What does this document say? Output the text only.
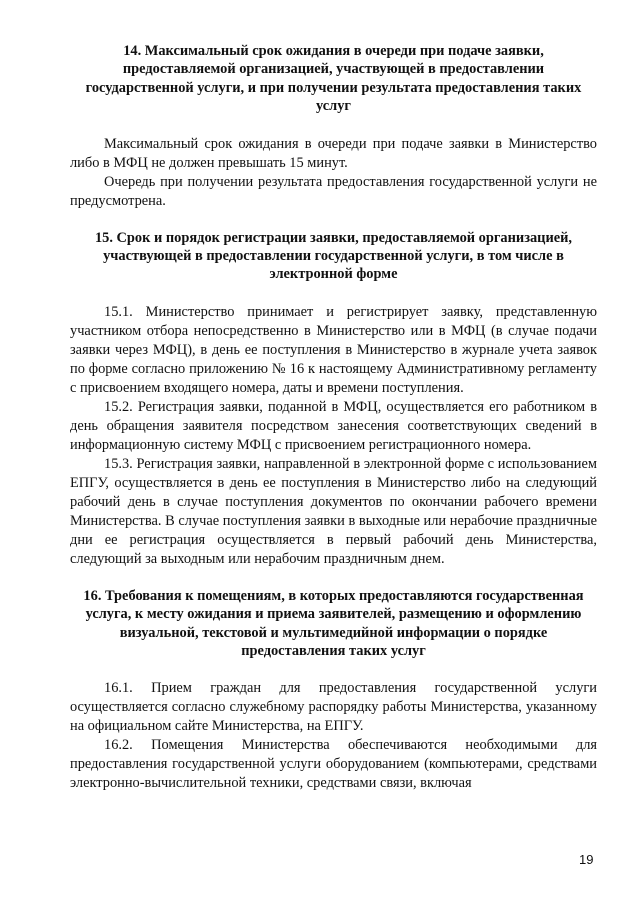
14. Максимальный срок ожидания в очереди при подаче заявки, предоставляемой организацией, участвующей в предоставлении государственной услуги, и при получении результата предоставления таких услуг

Максимальный срок ожидания в очереди при подаче заявки в Министерство либо в МФЦ не должен превышать 15 минут.

Очередь при получении результата предоставления государственной услуги не предусмотрена.

15. Срок и порядок регистрации заявки, предоставляемой организацией, участвующей в предоставлении государственной услуги, в том числе в электронной форме

15.1. Министерство принимает и регистрирует заявку, представленную участником отбора непосредственно в Министерство или в МФЦ (в случае подачи заявки через МФЦ), в день ее поступления в Министерство в журнале учета заявок по форме согласно приложению № 16 к настоящему Административному регламенту с присвоением входящего номера, даты и времени поступления.

15.2. Регистрация заявки, поданной в МФЦ, осуществляется его работником в день обращения заявителя посредством занесения соответствующих сведений в информационную систему МФЦ с присвоением регистрационного номера.

15.3. Регистрация заявки, направленной в электронной форме с использованием ЕПГУ, осуществляется в день ее поступления в Министерство либо на следующий рабочий день в случае поступления документов по окончании рабочего времени Министерства. В случае поступления заявки в выходные или нерабочие праздничные дни ее регистрация осуществляется в первый рабочий день Министерства, следующий за выходным или нерабочим праздничным днем.

16. Требования к помещениям, в которых предоставляются государственная услуга, к месту ожидания и приема заявителей, размещению и оформлению визуальной, текстовой и мультимедийной информации о порядке предоставления таких услуг

16.1. Прием граждан для предоставления государственной услуги осуществляется согласно служебному распорядку работы Министерства, указанному на официальном сайте Министерства, на ЕПГУ.

16.2. Помещения Министерства обеспечиваются необходимыми для предоставления государственной услуги оборудованием (компьютерами, средствами электронно-вычислительной техники, средствами связи, включая

19
